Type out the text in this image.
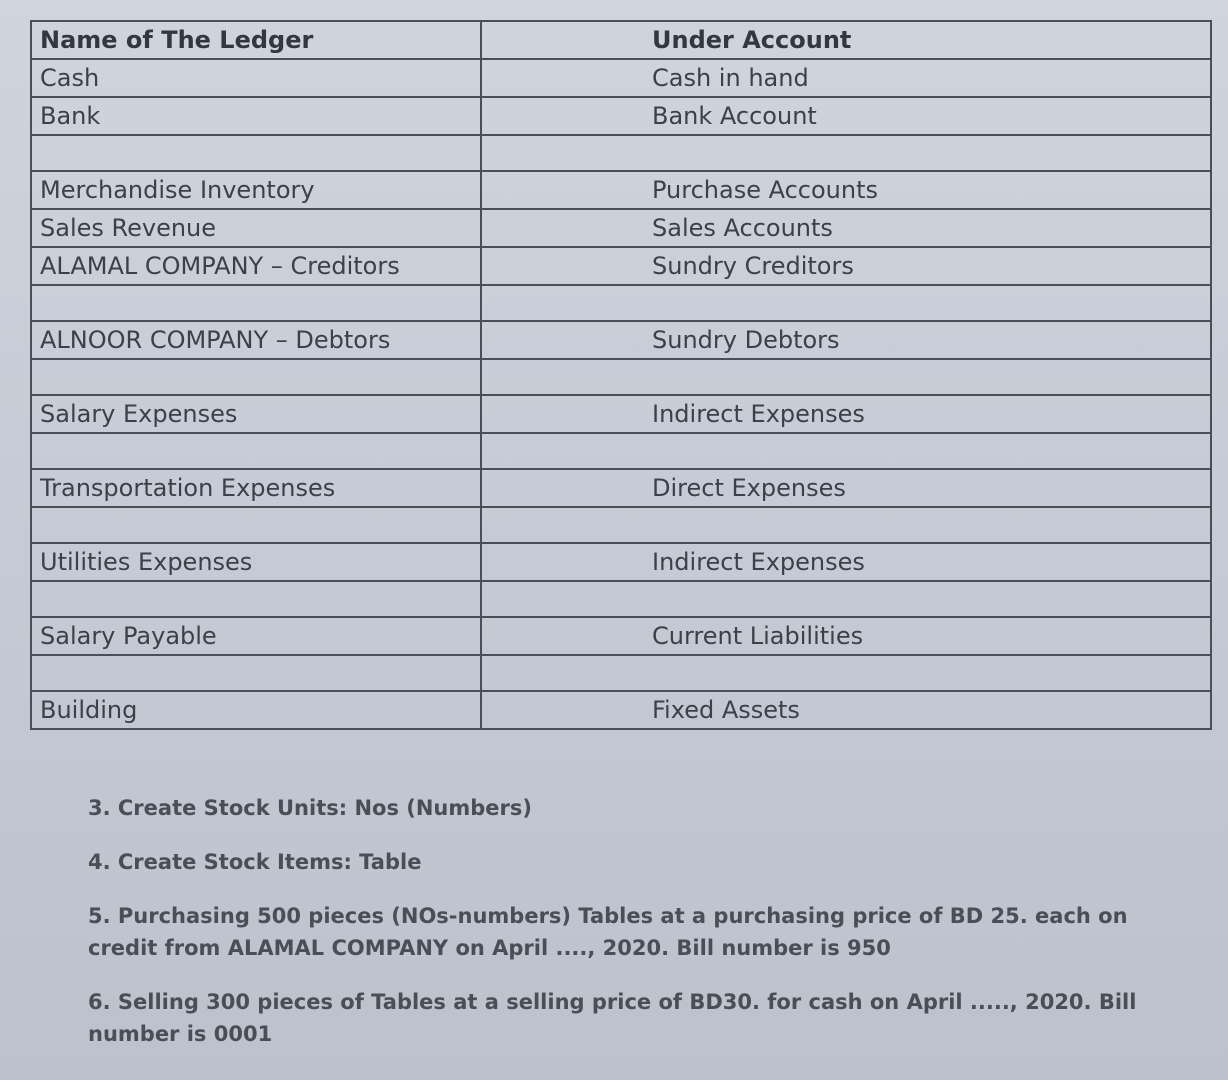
Name of The Ledger	Under Account
Cash	Cash in hand
Bank	Bank Account

Merchandise Inventory	Purchase Accounts
Sales Revenue	Sales Accounts
ALAMAL COMPANY – Creditors	Sundry Creditors

ALNOOR COMPANY – Debtors	Sundry Debtors

Salary Expenses	Indirect Expenses

Transportation Expenses	Direct Expenses

Utilities Expenses	Indirect Expenses

Salary Payable	Current Liabilities

Building	Fixed Assets
3. Create Stock Units: Nos (Numbers)
4. Create Stock Items: Table
5. Purchasing 500 pieces (NOs-numbers) Tables at a purchasing price of BD 25. each on credit from ALAMAL COMPANY on April ...., 2020. Bill number is 950
6. Selling 300 pieces of Tables at a selling price of BD30. for cash on April ....., 2020. Bill number is 0001
